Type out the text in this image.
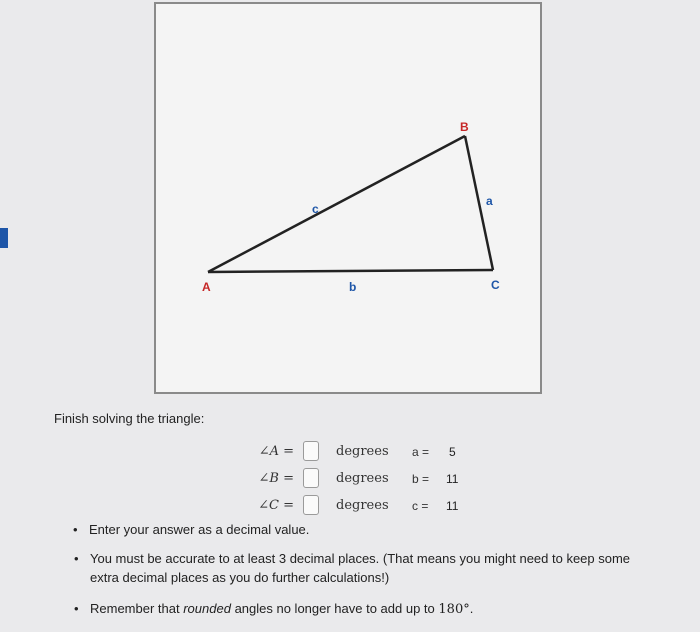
A
B
C
a
b
c
Finish solving the triangle:
∠A =	degrees a = 5
∠B =	degrees b = 11
∠C =	degrees c = 11
• Enter your answer as a decimal value.
• You must be accurate to at least 3 decimal places. (That means you might need to keep some extra decimal places as you do further calculations!)
• Remember that rounded angles no longer have to add up to 180°.
